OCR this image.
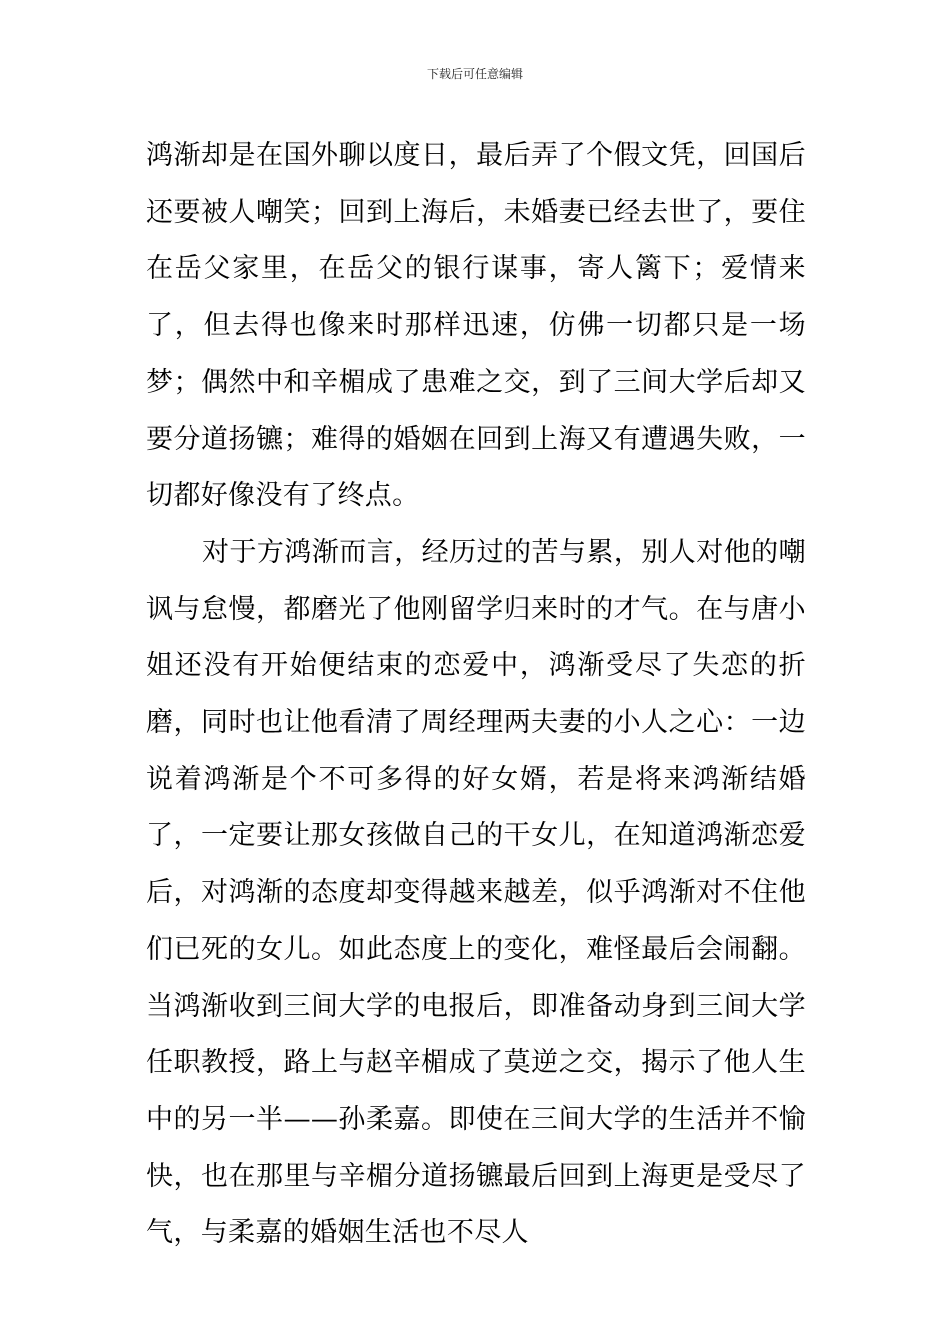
下载后可任意编辑

鸿渐却是在国外聊以度日，最后弄了个假文凭，回国后还要被人嘲笑；回到上海后，未婚妻已经去世了，要住在岳父家里，在岳父的银行谋事，寄人篱下；爱情来了，但去得也像来时那样迅速，仿佛一切都只是一场梦；偶然中和辛楣成了患难之交，到了三间大学后却又要分道扬镳；难得的婚姻在回到上海又有遭遇失败，一切都好像没有了终点。

对于方鸿渐而言，经历过的苦与累，别人对他的嘲讽与怠慢，都磨光了他刚留学归来时的才气。在与唐小姐还没有开始便结束的恋爱中，鸿渐受尽了失恋的折磨，同时也让他看清了周经理两夫妻的小人之心：一边说着鸿渐是个不可多得的好女婿，若是将来鸿渐结婚了，一定要让那女孩做自己的干女儿，在知道鸿渐恋爱后，对鸿渐的态度却变得越来越差，似乎鸿渐对不住他们已死的女儿。如此态度上的变化，难怪最后会闹翻。当鸿渐收到三间大学的电报后，即准备动身到三间大学任职教授，路上与赵辛楣成了莫逆之交，揭示了他人生中的另一半——孙柔嘉。即使在三间大学的生活并不愉快，也在那里与辛楣分道扬镳最后回到上海更是受尽了气，与柔嘉的婚姻生活也不尽人
